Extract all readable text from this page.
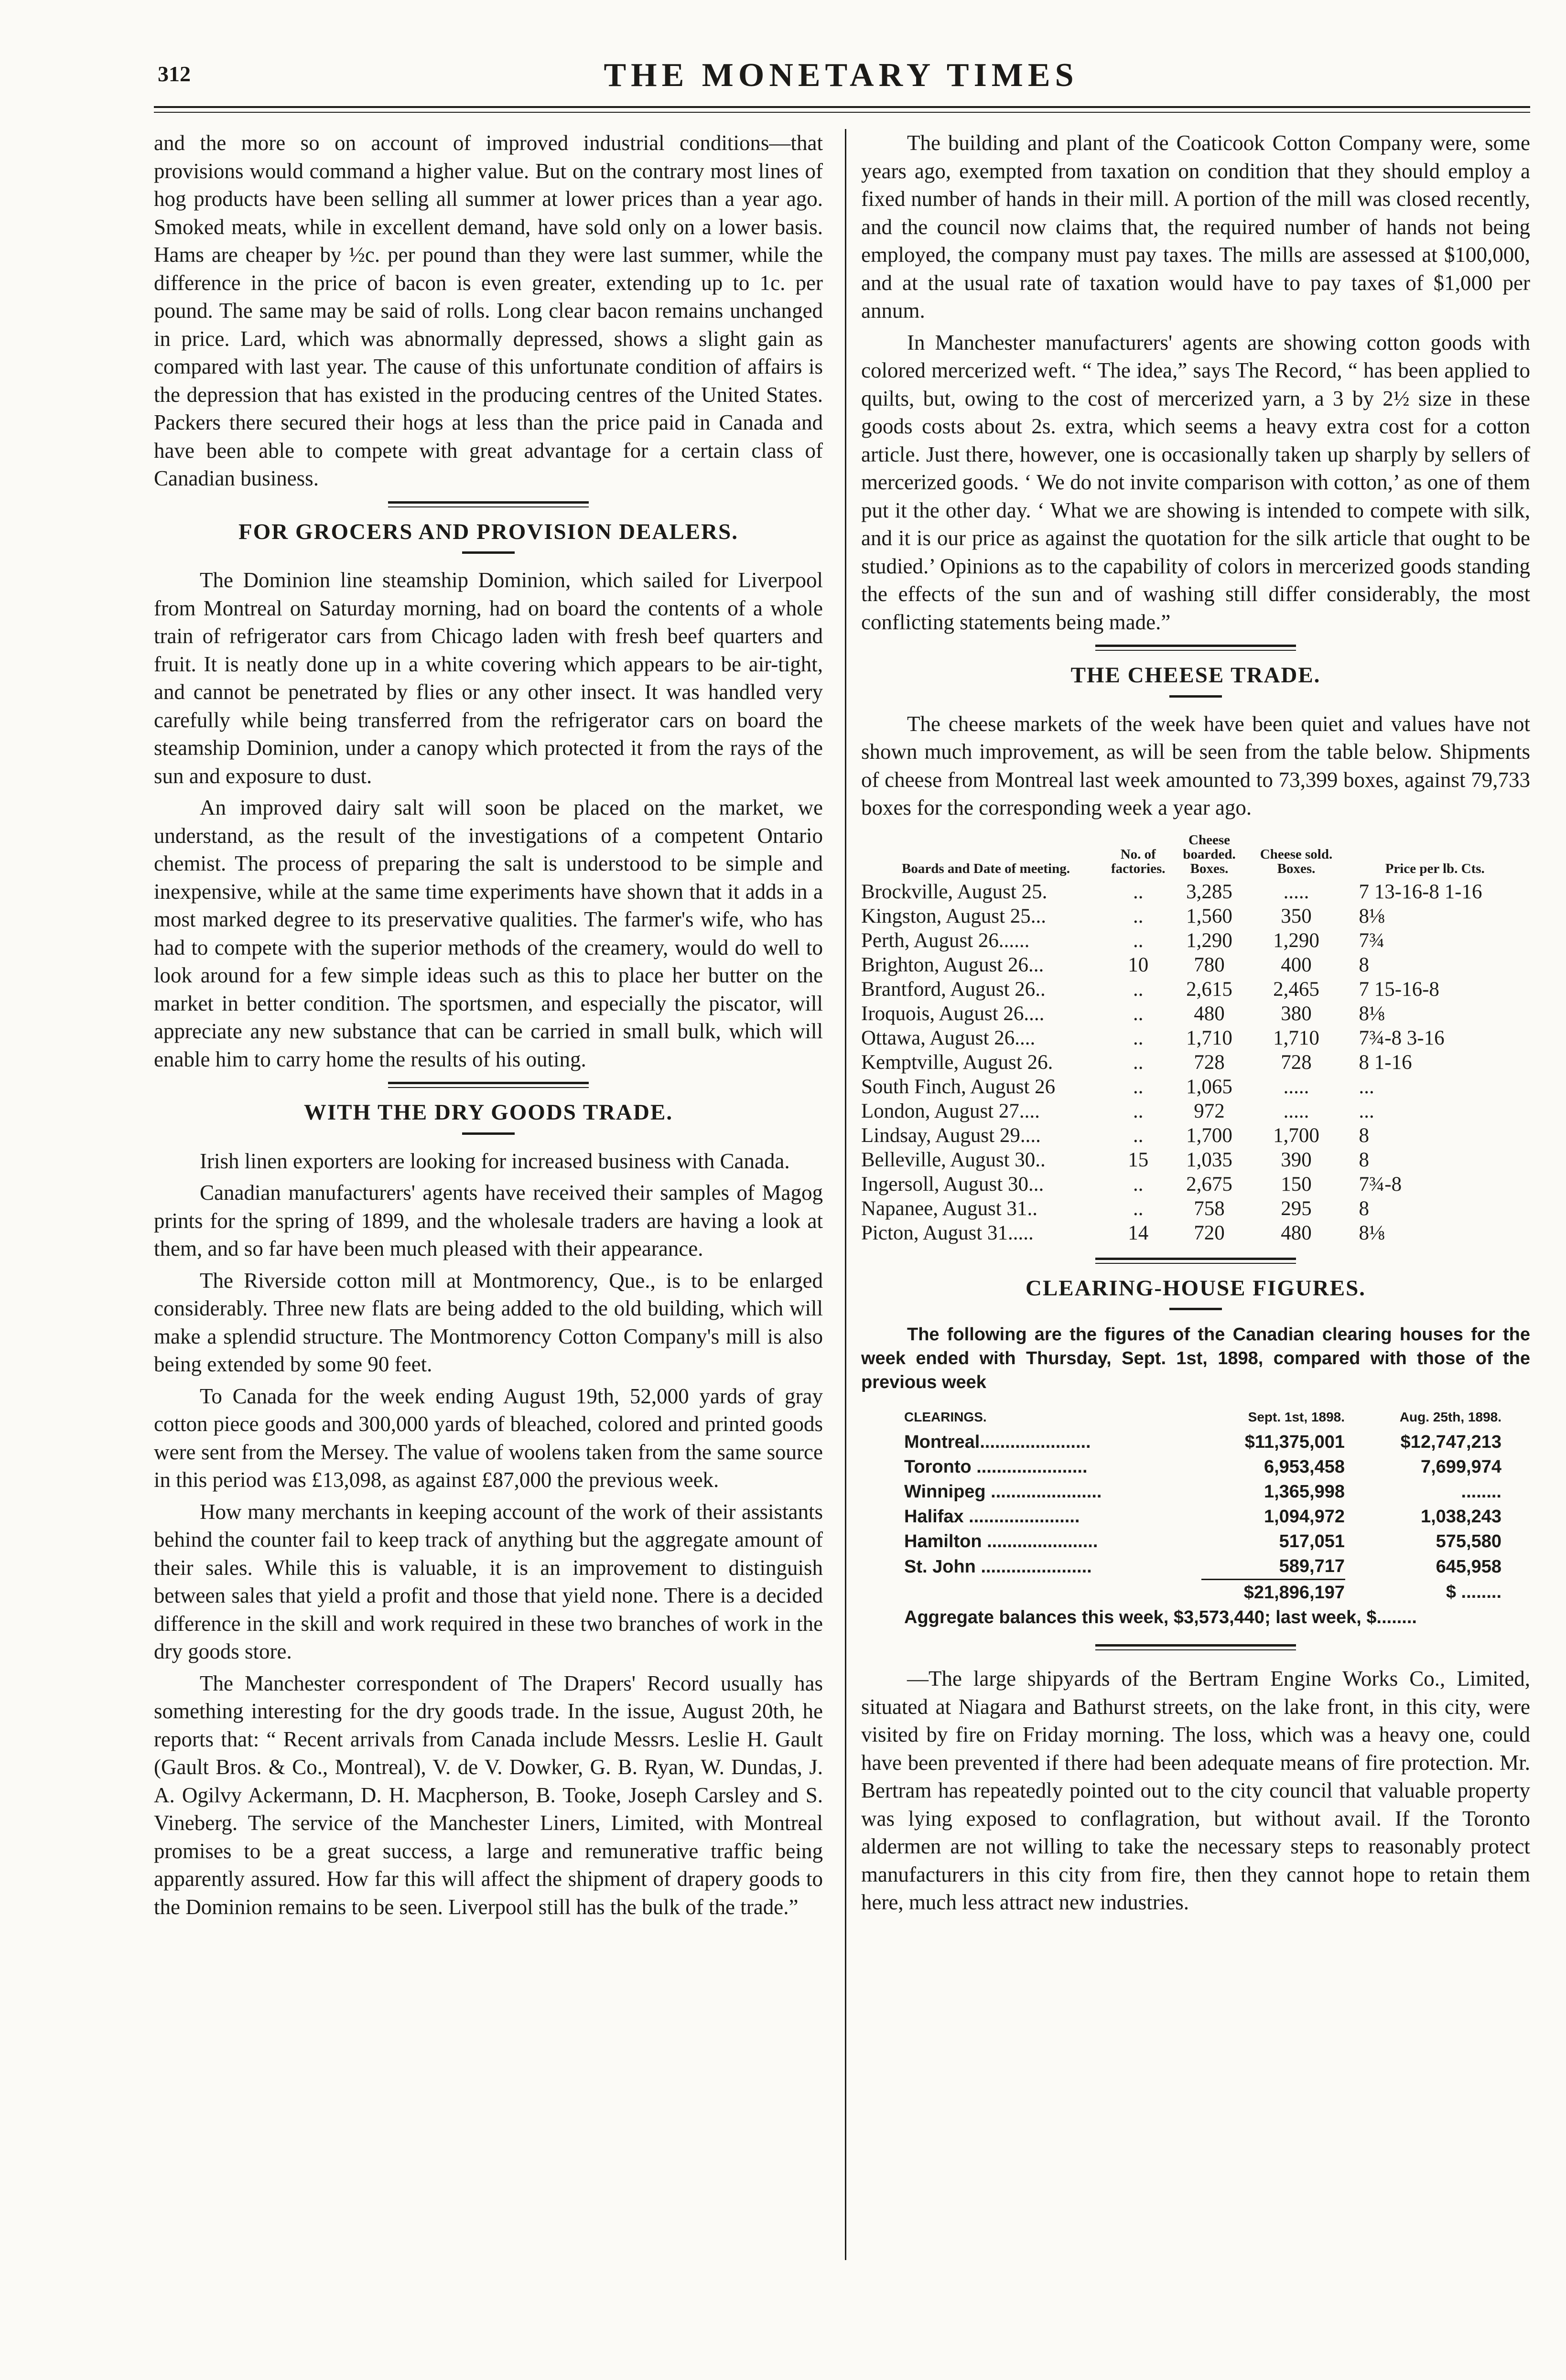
312	THE MONETARY TIMES

and the more so on account of improved industrial conditions—that provisions would command a higher value. But on the contrary most lines of hog products have been selling all summer at lower prices than a year ago. Smoked meats, while in excellent demand, have sold only on a lower basis. Hams are cheaper by ½c. per pound than they were last summer, while the difference in the price of bacon is even greater, extending up to 1c. per pound. The same may be said of rolls. Long clear bacon remains unchanged in price. Lard, which was abnormally depressed, shows a slight gain as compared with last year. The cause of this unfortunate condition of affairs is the depression that has existed in the producing centres of the United States. Packers there secured their hogs at less than the price paid in Canada and have been able to compete with great advantage for a certain class of Canadian business.

FOR GROCERS AND PROVISION DEALERS.

The Dominion line steamship Dominion, which sailed for Liverpool from Montreal on Saturday morning, had on board the contents of a whole train of refrigerator cars from Chicago laden with fresh beef quarters and fruit. It is neatly done up in a white covering which appears to be air-tight, and cannot be penetrated by flies or any other insect. It was handled very carefully while being transferred from the refrigerator cars on board the steamship Dominion, under a canopy which protected it from the rays of the sun and exposure to dust.

An improved dairy salt will soon be placed on the market, we understand, as the result of the investigations of a competent Ontario chemist. The process of preparing the salt is understood to be simple and inexpensive, while at the same time experiments have shown that it adds in a most marked degree to its preservative qualities. The farmer's wife, who has had to compete with the superior methods of the creamery, would do well to look around for a few simple ideas such as this to place her butter on the market in better condition. The sportsmen, and especially the piscator, will appreciate any new substance that can be carried in small bulk, which will enable him to carry home the results of his outing.

WITH THE DRY GOODS TRADE.

Irish linen exporters are looking for increased business with Canada.

Canadian manufacturers' agents have received their samples of Magog prints for the spring of 1899, and the wholesale traders are having a look at them, and so far have been much pleased with their appearance.

The Riverside cotton mill at Montmorency, Que., is to be enlarged considerably. Three new flats are being added to the old building, which will make a splendid structure. The Montmorency Cotton Company's mill is also being extended by some 90 feet.

To Canada for the week ending August 19th, 52,000 yards of gray cotton piece goods and 300,000 yards of bleached, colored and printed goods were sent from the Mersey. The value of woolens taken from the same source in this period was £13,098, as against £87,000 the previous week.

How many merchants in keeping account of the work of their assistants behind the counter fail to keep track of anything but the aggregate amount of their sales. While this is valuable, it is an improvement to distinguish between sales that yield a profit and those that yield none. There is a decided difference in the skill and work required in these two branches of work in the dry goods store.

The Manchester correspondent of The Drapers' Record usually has something interesting for the dry goods trade. In the issue, August 20th, he reports that: “ Recent arrivals from Canada include Messrs. Leslie H. Gault (Gault Bros. & Co., Montreal), V. de V. Dowker, G. B. Ryan, W. Dundas, J. A. Ogilvy Ackermann, D. H. Macpherson, B. Tooke, Joseph Carsley and S. Vineberg. The service of the Manchester Liners, Limited, with Montreal promises to be a great success, a large and remunerative traffic being apparently assured. How far this will affect the shipment of drapery goods to the Dominion remains to be seen. Liverpool still has the bulk of the trade.”

The building and plant of the Coaticook Cotton Company were, some years ago, exempted from taxation on condition that they should employ a fixed number of hands in their mill. A portion of the mill was closed recently, and the council now claims that, the required number of hands not being employed, the company must pay taxes. The mills are assessed at $100,000, and at the usual rate of taxation would have to pay taxes of $1,000 per annum.

In Manchester manufacturers' agents are showing cotton goods with colored mercerized weft. “ The idea,” says The Record, “ has been applied to quilts, but, owing to the cost of mercerized yarn, a 3 by 2½ size in these goods costs about 2s. extra, which seems a heavy extra cost for a cotton article. Just there, however, one is occasionally taken up sharply by sellers of mercerized goods. ‘ We do not invite comparison with cotton,’ as one of them put it the other day. ‘ What we are showing is intended to compete with silk, and it is our price as against the quotation for the silk article that ought to be studied.’ Opinions as to the capability of colors in mercerized goods standing the effects of the sun and of washing still differ considerably, the most conflicting statements being made.”

THE CHEESE TRADE.

The cheese markets of the week have been quiet and values have not shown much improvement, as will be seen from the table below. Shipments of cheese from Montreal last week amounted to 73,399 boxes, against 79,733 boxes for the corresponding week a year ago.

Boards and Date of meeting.	No. of factories.	Cheese boarded. Boxes.	Cheese sold. Boxes.	Price per lb. Cts.
Brockville, August 25.	..	3,285	.....	7 13-16-8 1-16
Kingston, August 25...	..	1,560	350	8⅛
Perth, August 26......	..	1,290	1,290	7¾
Brighton, August 26...	10	780	400	8
Brantford, August 26..	..	2,615	2,465	7 15-16-8
Iroquois, August 26....	..	480	380	8⅛
Ottawa, August 26....	..	1,710	1,710	7¾-8 3-16
Kemptville, August 26.	..	728	728	8 1-16
South Finch, August 26	..	1,065	.....	...
London, August 27....	..	972	.....	...
Lindsay, August 29....	..	1,700	1,700	8
Belleville, August 30..	15	1,035	390	8
Ingersoll, August 30...	..	2,675	150	7¾-8
Napanee, August 31..	..	758	295	8
Picton, August 31.....	14	720	480	8⅛
CLEARING-HOUSE FIGURES.

The following are the figures of the Canadian clearing houses for the week ended with Thursday, Sept. 1st, 1898, compared with those of the previous week

CLEARINGS.	Sept. 1st, 1898.	Aug. 25th, 1898.
Montreal......................	$11,375,001	$12,747,213
Toronto ......................	6,953,458	7,699,974
Winnipeg ......................	1,365,998	........
Halifax ......................	1,094,972	1,038,243
Hamilton ......................	517,051	575,580
St. John ......................	589,717	645,958
	$21,896,197	$ ........
Aggregate balances this week, $3,573,440; last week, $........

—The large shipyards of the Bertram Engine Works Co., Limited, situated at Niagara and Bathurst streets, on the lake front, in this city, were visited by fire on Friday morning. The loss, which was a heavy one, could have been prevented if there had been adequate means of fire protection. Mr. Bertram has repeatedly pointed out to the city council that valuable property was lying exposed to conflagration, but without avail. If the Toronto aldermen are not willing to take the necessary steps to reasonably protect manufacturers in this city from fire, then they cannot hope to retain them here, much less attract new industries.
